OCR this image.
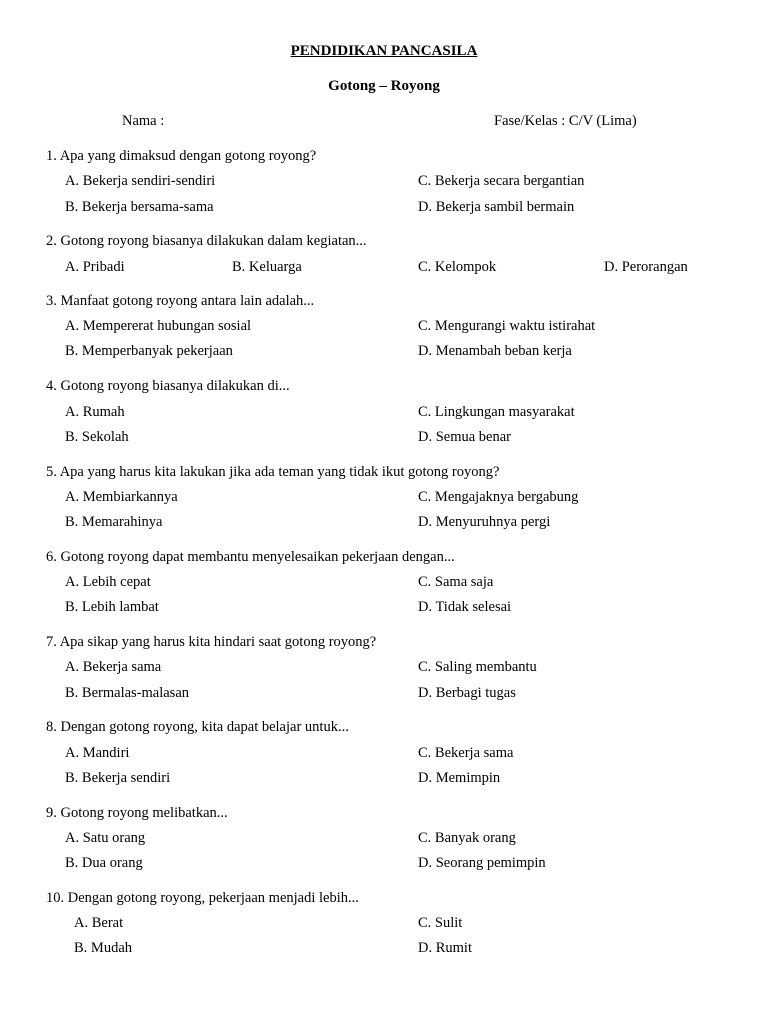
PENDIDIKAN PANCASILA
Gotong – Royong
Nama :	Fase/Kelas : C/V (Lima)
1. Apa yang dimaksud dengan gotong royong?
A. Bekerja sendiri-sendiri	C. Bekerja secara bergantian
B. Bekerja bersama-sama	D. Bekerja sambil bermain
2. Gotong royong biasanya dilakukan dalam kegiatan...
A. Pribadi	B. Keluarga	C. Kelompok	D. Perorangan
3. Manfaat gotong royong antara lain adalah...
A. Mempererat hubungan sosial	C. Mengurangi waktu istirahat
B. Memperbanyak pekerjaan	D. Menambah beban kerja
4. Gotong royong biasanya dilakukan di...
A. Rumah	C. Lingkungan masyarakat
B. Sekolah	D. Semua benar
5. Apa yang harus kita lakukan jika ada teman yang tidak ikut gotong royong?
A. Membiarkannya	C. Mengajaknya bergabung
B. Memarahinya	D. Menyuruhnya pergi
6. Gotong royong dapat membantu menyelesaikan pekerjaan dengan...
A. Lebih cepat	C. Sama saja
B. Lebih lambat	D. Tidak selesai
7. Apa sikap yang harus kita hindari saat gotong royong?
A. Bekerja sama	C. Saling membantu
B. Bermalas-malasan	D. Berbagi tugas
8. Dengan gotong royong, kita dapat belajar untuk...
A. Mandiri	C. Bekerja sama
B. Bekerja sendiri	D. Memimpin
9. Gotong royong melibatkan...
A. Satu orang	C. Banyak orang
B. Dua orang	D. Seorang pemimpin
10. Dengan gotong royong, pekerjaan menjadi lebih...
A. Berat	C. Sulit
B. Mudah	D. Rumit
